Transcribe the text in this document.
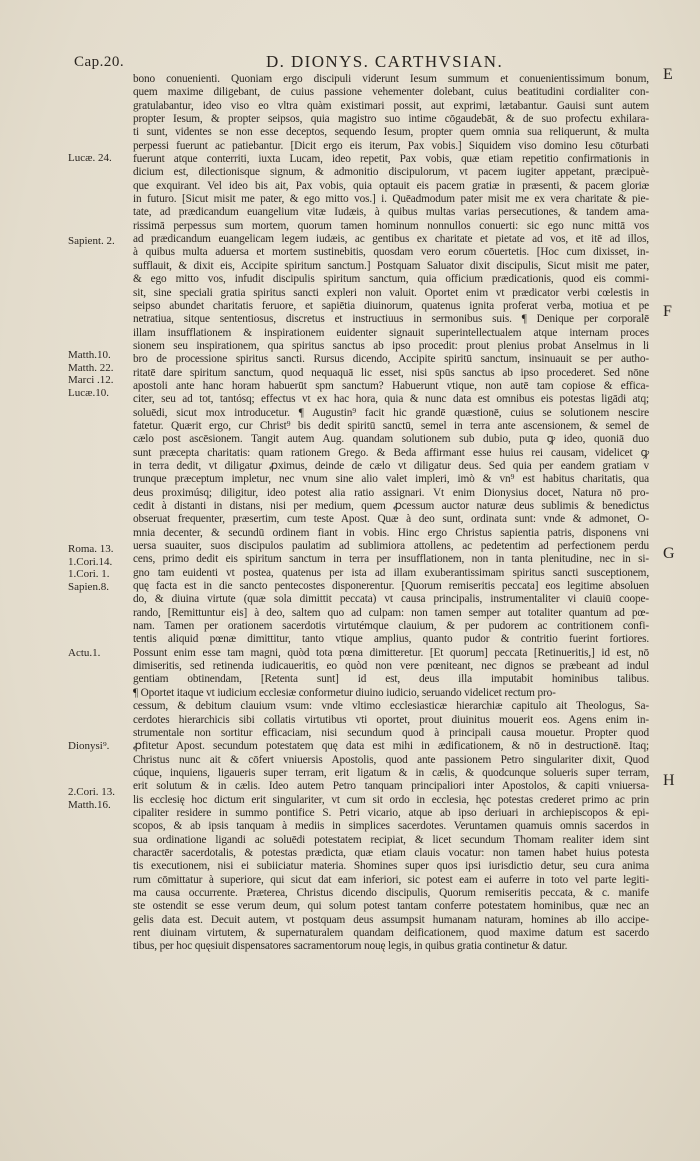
Cap.20.	D. DIONYS. CARTHVSIAN.
E
F
G
H
Lucæ. 24.
Sapient. 2.
Matth.10.
Matth. 22.
Marci .12.
Lucæ.10.
Roma. 13.
1.Cori.14.
1.Cori. 1.
Sapien.8.
Actu.1.
Dionysi⁹.
2.Cori. 13.
Matth.16.
bono conuenienti. Quoniam ergo discipuli viderunt Iesum summum et conuenientissimum bonum,
quem maxime diligebant, de cuius passione vehementer dolebant, cuius beatitudini cordialiter con-
gratulabantur, ideo viso eo vltra quàm existimari possit, aut exprimi, lætabantur. Gauisi sunt autem
propter Iesum, & propter seipsos, quia magistro suo intime cōgaudebāt, & de suo profectu exhilara-
ti sunt, videntes se non esse deceptos, sequendo Iesum, propter quem omnia sua reliquerunt, & multa
perpessi fuerunt ac patiebantur. [Dicit ergo eis iterum, Pax vobis.] Siquidem viso domino Iesu cōturbati
fuerunt atque conterriti, iuxta Lucam, ideo repetit, Pax vobis, quæ etiam repetitio confirmationis in
dicium est, dilectionisque signum, & admonitio discipulorum, vt pacem iugiter appetant, præcipuè-
que exquirant. Vel ideo bis ait, Pax vobis, quia optauit eis pacem gratiæ in præsenti, & pacem gloriæ
in futuro. [Sicut misit me pater, & ego mitto vos.] i. Quēadmodum pater misit me ex vera charitate & pie-
tate, ad prædicandum euangelium vitæ Iudæis, à quibus multas varias persecutiones, & tandem ama-
rissimā perpessus sum mortem, quorum tamen hominum nonnullos conuerti: sic ego nunc mittā vos
ad prædicandum euangelicam legem iudæis, ac gentibus ex charitate et pietate ad vos, et itē ad illos,
à quibus multa aduersa et mortem sustinebitis, quosdam vero eorum cōuertetis. [Hoc cum dixisset, in-
sufflauit, & dixit eis, Accipite spiritum sanctum.] Postquam Saluator dixit discipulis, Sicut misit me pater,
& ego mitto vos, infudit discipulis spiritum sanctum, quia officium prædicationis, quod eis commi-
sit, sine speciali gratia spiritus sancti expleri non valuit. Oportet enim vt prædicator verbi cœlestis in
seipso abundet charitatis feruore, et sapiētia diuinorum, quatenus ignita proferat verba, motiua et pe
netratiua, sitque sententiosus, discretus et instructiuus in sermonibus suis. ¶ Denique per corporalē
illam insufflationem & inspirationem euidenter signauit superintellectualem atque internam proces
sionem seu inspirationem, qua spiritus sanctus ab ipso procedit: prout plenius probat Anselmus in li
bro de processione spiritus sancti. Rursus dicendo, Accipite spiritū sanctum, insinuauit se per autho-
ritatē dare spiritum sanctum, quod nequaquā lic esset, nisi spūs sanctus ab ipso procederet. Sed nōne
apostoli ante hanc horam habuerūt spm sanctum? Habuerunt vtique, non autē tam copiose & effica-
citer, seu ad tot, tantósq; effectus vt ex hac hora, quia & nunc data est omnibus eis potestas ligādi atq;
soluēdi, sicut mox introducetur. ¶ Augustin⁹ facit hic grandē quæstionē, cuius se solutionem nescire
fatetur. Quærit ergo, cur Christ⁹ bis dedit spiritū sanctū, semel in terra ante ascensionem, & semel de
cælo post ascēsionem. Tangit autem Aug. quandam solutionem sub dubio, puta ꝙ ideo, quoniā duo
sunt præcepta charitatis: quam rationem Grego. & Beda affirmant esse huius rei causam, videlicet ꝙ
in terra dedit, vt diligatur ꝓximus, deinde de cælo vt diligatur deus. Sed quia per eandem gratiam v
trunque præceptum impletur, nec vnum sine alio valet impleri, imò & vn⁹ est habitus charitatis, qua
deus proximúsq; diligitur, ideo potest alia ratio assignari. Vt enim Dionysius docet, Natura nō pro-
cedit à distanti in distans, nisi per medium, quem ꝓcessum auctor naturæ deus sublimis & benedictus
obseruat frequenter, præsertim, cum teste Apost. Quæ à deo sunt, ordinata sunt: vnde & admonet, O-
mnia decenter, & secundū ordinem fiant in vobis. Hinc ergo Christus sapientia patris, disponens vni
uersa suauiter, suos discipulos paulatim ad sublimiora attollens, ac pedetentim ad perfectionem perdu
cens, primo dedit eis spiritum sanctum in terra per insufflationem, non in tanta plenitudine, nec in si-
gno tam euidenti vt postea, quatenus per ista ad illam exuberantissimam spiritus sancti susceptionem,
quę facta est in die sancto pentecostes disponerentur. [Quorum remiseritis peccata] eos legitime absoluen
do, & diuina virtute (quæ sola dimittit peccata) vt causa principalis, instrumentaliter vi clauiū coope-
rando, [Remittuntur eis] à deo, saltem quo ad culpam: non tamen semper aut totaliter quantum ad pœ-
nam. Tamen per orationem sacerdotis virtutémque clauium, & per pudorem ac contritionem confi-
tentis aliquid pœnæ dimittitur, tanto vtique amplius, quanto pudor & contritio fuerint fortiores.
Possunt enim esse tam magni, quòd tota pœna dimitteretur. [Et quorum] peccata [Retinueritis,] id est, nō
dimiseritis, sed retinenda iudicaueritis, eo quòd non vere pœniteant, nec dignos se præbeant ad indul
gentiam obtinendam, [Retenta sunt] id est, deus illa imputabit hominibus talibus.
¶ Oportet itaque vt iudicium ecclesiæ conformetur diuino iudicio, seruando videlicet rectum pro-
cessum, & debitum clauium vsum: vnde vltimo ecclesiasticæ hierarchiæ capitulo ait Theologus, Sa-
cerdotes hierarchicis sibi collatis virtutibus vti oportet, prout diuinitus mouerit eos. Agens enim in-
strumentale non sortitur efficaciam, nisi secundum quod à principali causa mouetur. Propter quod
ꝓfitetur Apost. secundum potestatem quę data est mihi in ædificationem, & nō in destructionē. Itaq;
Christus nunc ait & cōfert vniuersis Apostolis, quod ante passionem Petro singulariter dixit, Quod
cúque, inquiens, ligaueris super terram, erit ligatum & in cælis, & quodcunque solueris super terram,
erit solutum & in cælis. Ideo autem Petro tanquam principaliori inter Apostolos, & capiti vniuersa-
lis ecclesię hoc dictum erit singulariter, vt cum sit ordo in ecclesia, hęc potestas crederet primo ac prin
cipaliter residere in summo pontifice S. Petri vicario, atque ab ipso deriuari in archiepiscopos & epi-
scopos, & ab ipsis tanquam à mediis in simplices sacerdotes. Veruntamen quamuis omnis sacerdos in
sua ordinatione ligandi ac soluēdi potestatem recipiat, & licet secundum Thomam realiter idem sint
charactēr sacerdotalis, & potestas prædicta, quæ etiam clauis vocatur: non tamen habet huius potesta
tis executionem, nisi ei subiiciatur materia. Shomines super quos ipsi iurisdictio detur, seu cura anima
rum cōmittatur à superiore, qui sicut dat eam inferiori, sic potest eam ei auferre in toto vel parte legiti-
ma causa occurrente. Præterea, Christus dicendo discipulis, Quorum remiseritis peccata, & c. manife
ste ostendit se esse verum deum, qui solum potest tantam conferre potestatem hominibus, quæ nec an
gelis data est. Decuit autem, vt postquam deus assumpsit humanam naturam, homines ab illo accipe-
rent diuinam virtutem, & supernaturalem quandam deificationem, quod maxime datum est sacerdo
tibus, per hoc quęsiuit dispensatores sacramentorum nouę legis, in quibus gratia continetur & datur.
